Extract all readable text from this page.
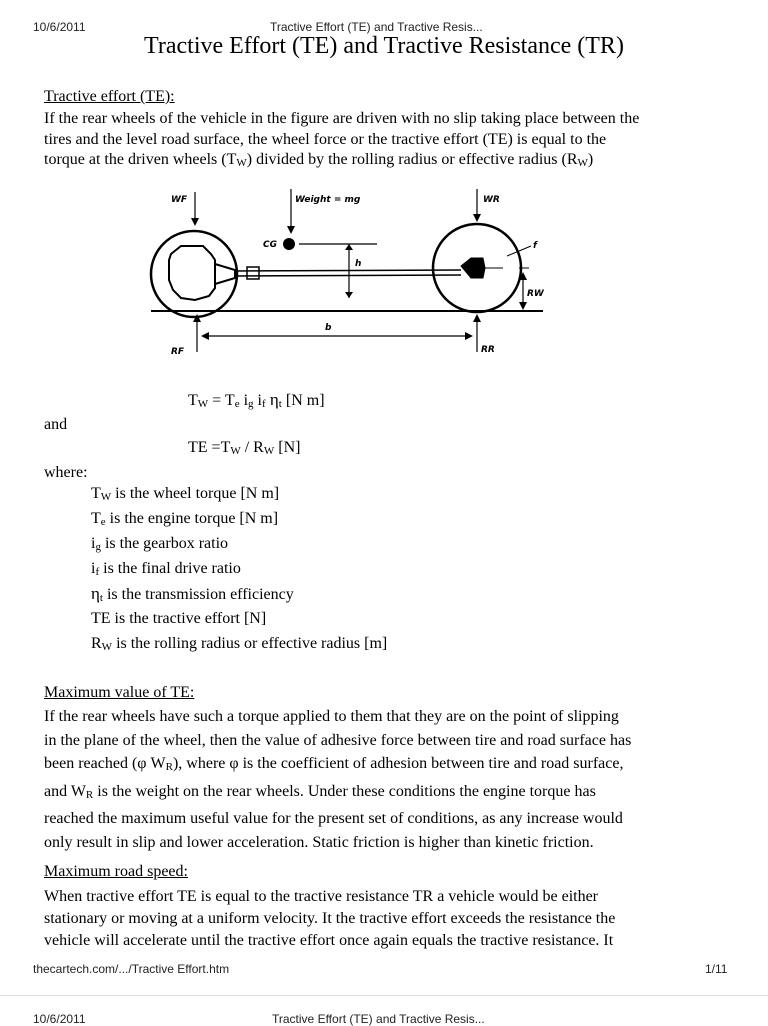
10/6/2011	Tractive Effort (TE) and Tractive Resis...
Tractive Effort (TE) and Tractive Resistance (TR)
Tractive effort (TE):
If the rear wheels of the vehicle in the figure are driven with no slip taking place between the
tires and the level road surface, the wheel force or the tractive effort (TE) is equal to the
torque at the driven wheels $(T_W)$ divided by the rolling radius or effective radius $(R_W)$
WF	Weight = mg	WR
CG
h
f
RW
b
RF	RR
$T_W = T_e$ $i_g$ $i_f$ $\eta_t$ [N m]
and
TE $=T_W / R_W$ [N]
where:
$T_W$ is the wheel torque [N m]
$T_e$ is the engine torque [N m]
$i_g$ is the gearbox ratio
$i_f$ is the final drive ratio
$\eta_t$ is the transmission efficiency
TE is the tractive effort [N]
$R_W$ is the rolling radius or effective radius [m]
Maximum value of TE:
If the rear wheels have such a torque applied to them that they are on the point of slipping
in the plane of the wheel, then the value of adhesive force between tire and road surface has
been reached (φ $W_R$), where φ is the coefficient of adhesion between tire and road surface,
and $W_R$ is the weight on the rear wheels. Under these conditions the engine torque has
reached the maximum useful value for the present set of conditions, as any increase would
only result in slip and lower acceleration. Static friction is higher than kinetic friction.
Maximum road speed:
When tractive effort TE is equal to the tractive resistance TR a vehicle would be either
stationary or moving at a uniform velocity. It the tractive effort exceeds the resistance the
vehicle will accelerate until the tractive effort once again equals the tractive resistance. It
thecartech.com/.../Tractive Effort.htm	1/11
10/6/2011	Tractive Effort (TE) and Tractive Resis...
